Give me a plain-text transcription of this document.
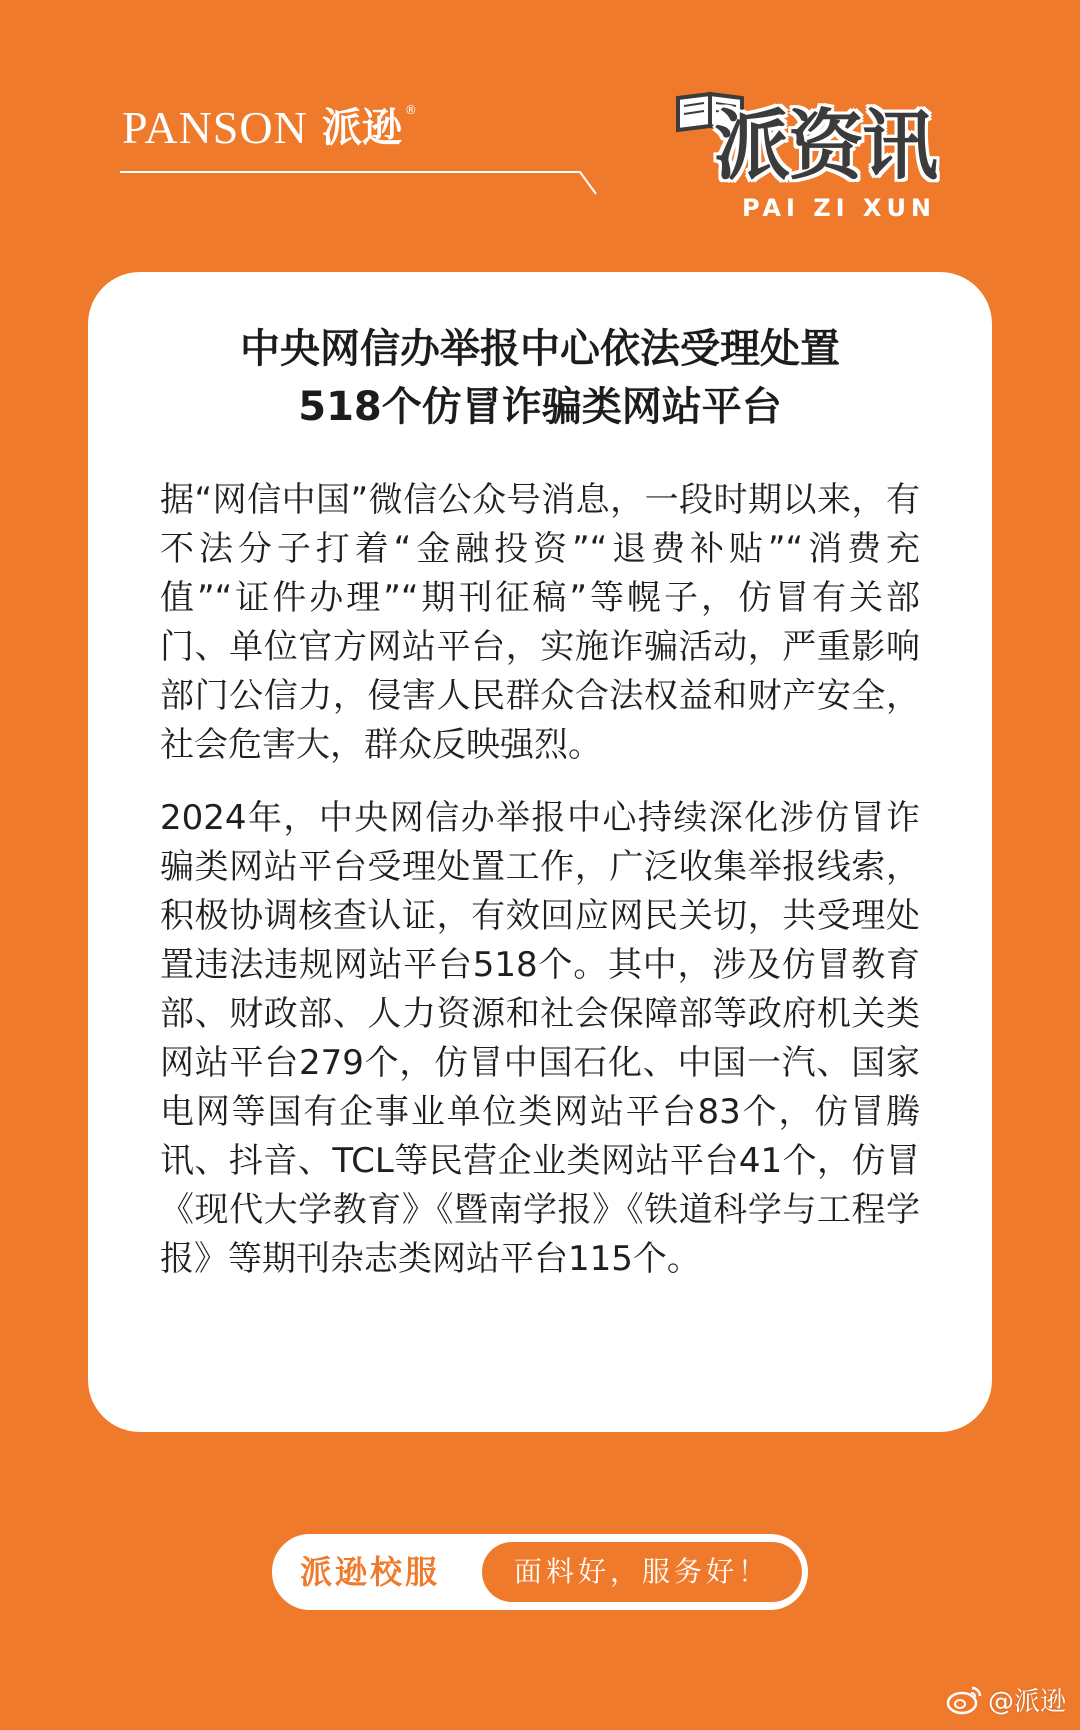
PANSON 派逊 ®	派资讯
PAI ZI XUN
中央网信办举报中心依法受理处置
518个仿冒诈骗类网站平台

据“网信中国”微信公众号消息，一段时期以来，有不法分子打着“金融投资”“退费补贴”“消费充值”“证件办理”“期刊征稿”等幌子，仿冒有关部门、单位官方网站平台，实施诈骗活动，严重影响部门公信力，侵害人民群众合法权益和财产安全，社会危害大，群众反映强烈。

2024年，中央网信办举报中心持续深化涉仿冒诈骗类网站平台受理处置工作，广泛收集举报线索，积极协调核查认证，有效回应网民关切，共受理处置违法违规网站平台518个。其中，涉及仿冒教育部、财政部、人力资源和社会保障部等政府机关类网站平台279个，仿冒中国石化、中国一汽、国家电网等国有企事业单位类网站平台83个，仿冒腾讯、抖音、TCL等民营企业类网站平台41个，仿冒《现代大学教育》《暨南学报》《铁道科学与工程学报》等期刊杂志类网站平台115个。

派逊校服	面料好，服务好！
@派逊
